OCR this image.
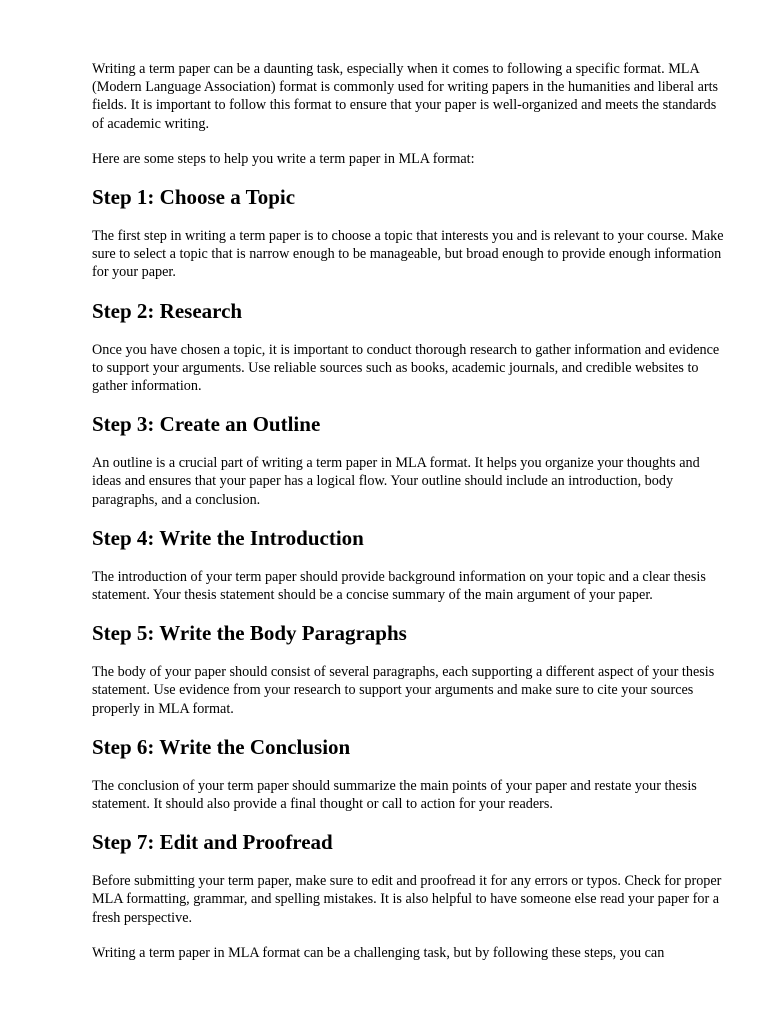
Writing a term paper can be a daunting task, especially when it comes to following a specific format. MLA (Modern Language Association) format is commonly used for writing papers in the humanities and liberal arts fields. It is important to follow this format to ensure that your paper is well-organized and meets the standards of academic writing.

Here are some steps to help you write a term paper in MLA format:

Step 1: Choose a Topic

The first step in writing a term paper is to choose a topic that interests you and is relevant to your course. Make sure to select a topic that is narrow enough to be manageable, but broad enough to provide enough information for your paper.

Step 2: Research

Once you have chosen a topic, it is important to conduct thorough research to gather information and evidence to support your arguments. Use reliable sources such as books, academic journals, and credible websites to gather information.

Step 3: Create an Outline

An outline is a crucial part of writing a term paper in MLA format. It helps you organize your thoughts and ideas and ensures that your paper has a logical flow. Your outline should include an introduction, body paragraphs, and a conclusion.

Step 4: Write the Introduction

The introduction of your term paper should provide background information on your topic and a clear thesis statement. Your thesis statement should be a concise summary of the main argument of your paper.

Step 5: Write the Body Paragraphs

The body of your paper should consist of several paragraphs, each supporting a different aspect of your thesis statement. Use evidence from your research to support your arguments and make sure to cite your sources properly in MLA format.

Step 6: Write the Conclusion

The conclusion of your term paper should summarize the main points of your paper and restate your thesis statement. It should also provide a final thought or call to action for your readers.

Step 7: Edit and Proofread

Before submitting your term paper, make sure to edit and proofread it for any errors or typos. Check for proper MLA formatting, grammar, and spelling mistakes. It is also helpful to have someone else read your paper for a fresh perspective.

Writing a term paper in MLA format can be a challenging task, but by following these steps, you can
